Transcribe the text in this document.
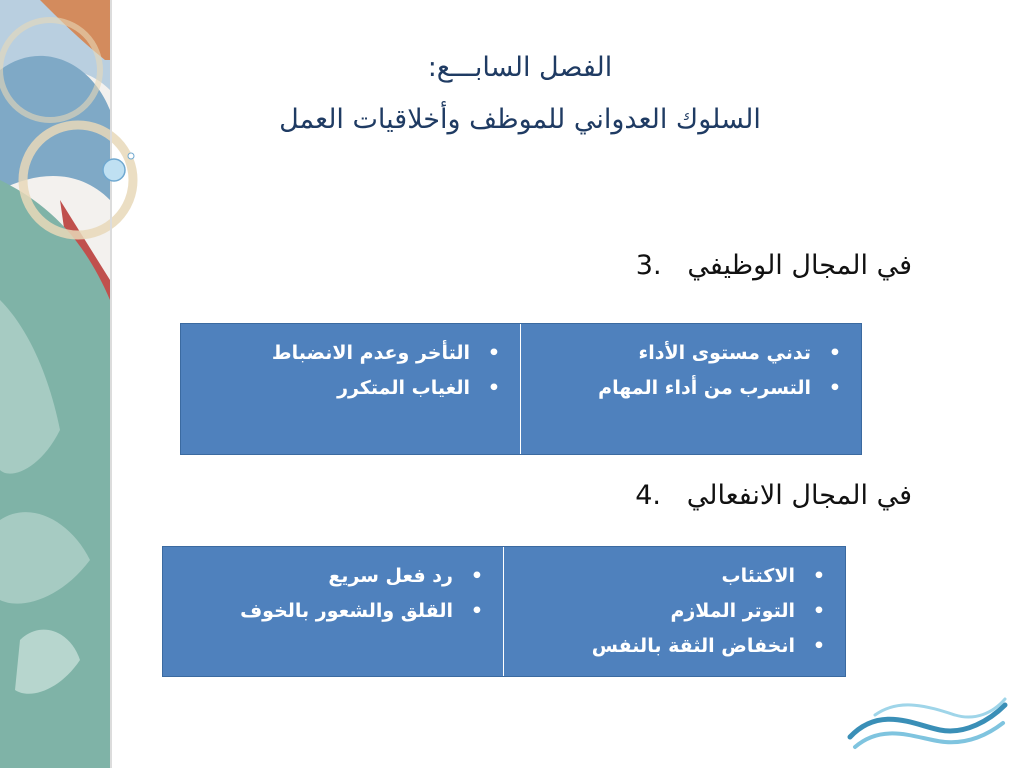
الفصل السابـــع:
السلوك العدواني للموظف وأخلاقيات العمل
في المجال الوظيفي   .3
•
تدني مستوى الأداء
•
التسرب من أداء المهام
•
التأخر وعدم الانضباط
•
الغياب المتكرر
في المجال الانفعالي   .4
•
الاكتئاب
•
التوتر الملازم
•
انخفاض الثقة بالنفس
•
رد فعل سريع
•
القلق والشعور بالخوف
